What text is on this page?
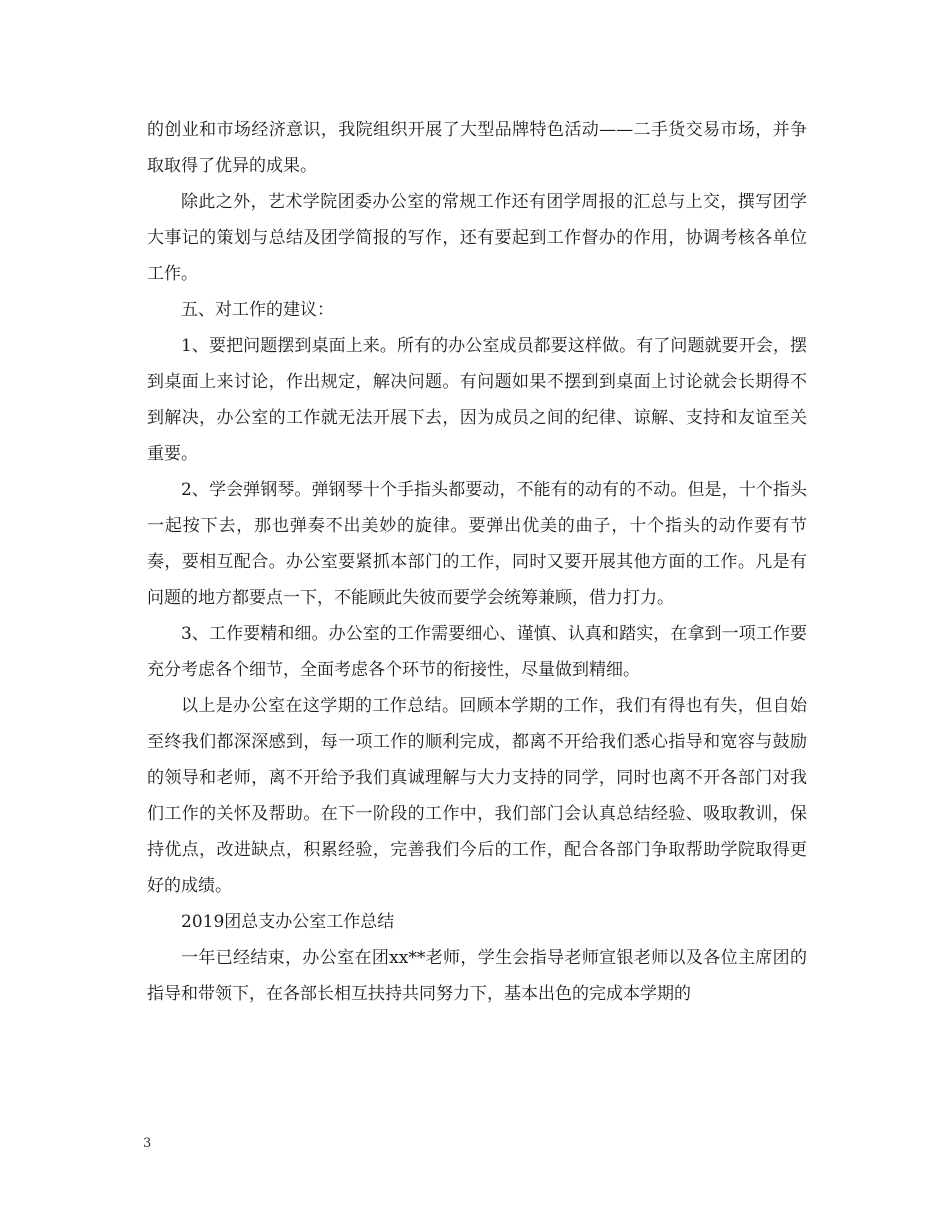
的创业和市场经济意识，我院组织开展了大型品牌特色活动——二手货交易市场，并争取取得了优异的成果。

除此之外，艺术学院团委办公室的常规工作还有团学周报的汇总与上交，撰写团学大事记的策划与总结及团学简报的写作，还有要起到工作督办的作用，协调考核各单位工作。

五、对工作的建议：

1、要把问题摆到桌面上来。所有的办公室成员都要这样做。有了问题就要开会，摆到桌面上来讨论，作出规定，解决问题。有问题如果不摆到到桌面上讨论就会长期得不到解决，办公室的工作就无法开展下去，因为成员之间的纪律、谅解、支持和友谊至关重要。

2、学会弹钢琴。弹钢琴十个手指头都要动，不能有的动有的不动。但是，十个指头一起按下去，那也弹奏不出美妙的旋律。要弹出优美的曲子，十个指头的动作要有节奏，要相互配合。办公室要紧抓本部门的工作，同时又要开展其他方面的工作。凡是有问题的地方都要点一下，不能顾此失彼而要学会统筹兼顾，借力打力。

3、工作要精和细。办公室的工作需要细心、谨慎、认真和踏实，在拿到一项工作要充分考虑各个细节，全面考虑各个环节的衔接性，尽量做到精细。

以上是办公室在这学期的工作总结。回顾本学期的工作，我们有得也有失，但自始至终我们都深深感到，每一项工作的顺利完成，都离不开给我们悉心指导和宽容与鼓励的领导和老师，离不开给予我们真诚理解与大力支持的同学，同时也离不开各部门对我们工作的关怀及帮助。在下一阶段的工作中，我们部门会认真总结经验、吸取教训，保持优点，改进缺点，积累经验，完善我们今后的工作，配合各部门争取帮助学院取得更好的成绩。

2019团总支办公室工作总结

一年已经结束，办公室在团xx**老师，学生会指导老师宣银老师以及各位主席团的指导和带领下，在各部长相互扶持共同努力下，基本出色的完成本学期的

3
